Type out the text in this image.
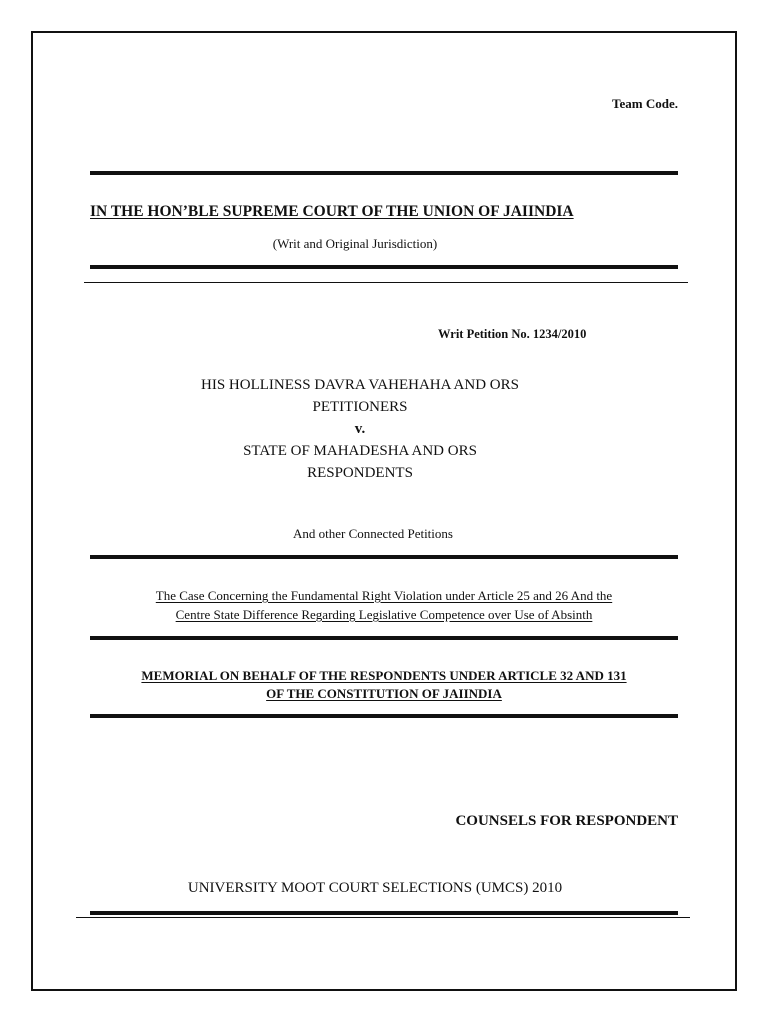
Team Code.
IN THE HON’BLE SUPREME COURT OF THE UNION OF JAIINDIA
(Writ and Original Jurisdiction)
Writ Petition No. 1234/2010
HIS HOLLINESS DAVRA VAHEHAHA AND ORS
PETITIONERS
v.
STATE OF MAHADESHA AND ORS
RESPONDENTS
And other Connected Petitions
The Case Concerning the Fundamental Right Violation under Article 25 and 26 And the
Centre State Difference Regarding Legislative Competence over Use of Absinth
MEMORIAL ON BEHALF OF THE RESPONDENTS UNDER ARTICLE 32 AND 131
OF THE CONSTITUTION OF JAIINDIA
COUNSELS FOR RESPONDENT
UNIVERSITY MOOT COURT SELECTIONS (UMCS) 2010
